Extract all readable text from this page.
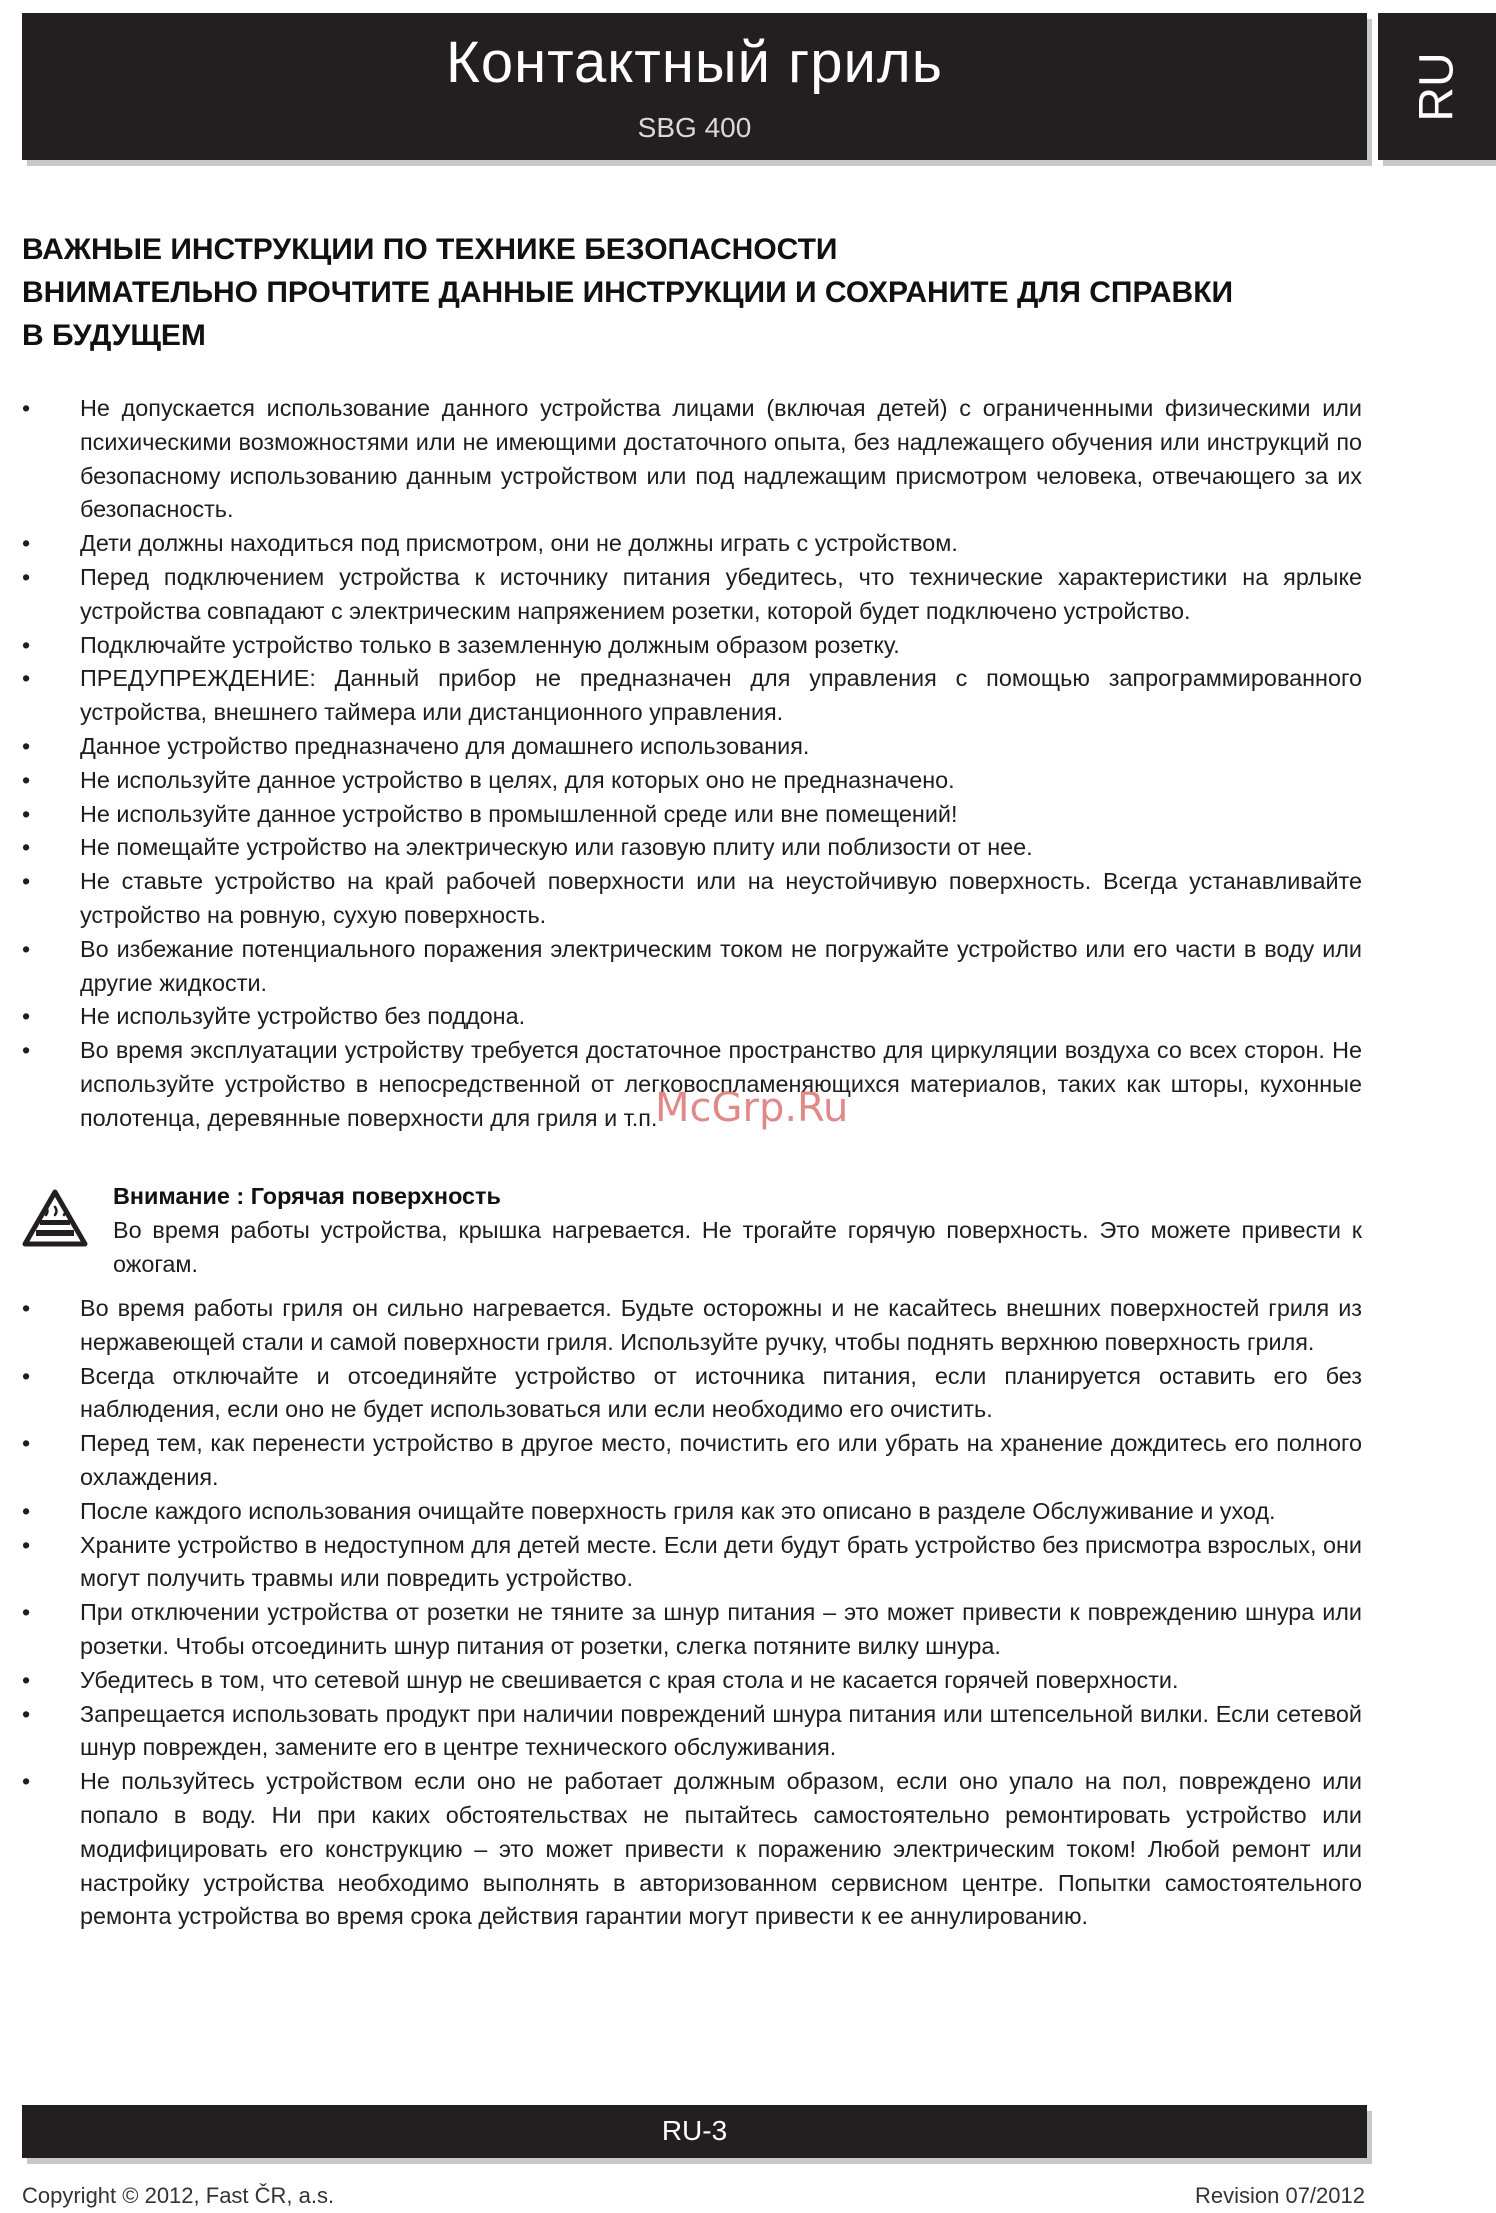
Контактный гриль
SBG 400
RU
ВАЖНЫЕ ИНСТРУКЦИИ ПО ТЕХНИКЕ БЕЗОПАСНОСТИ
ВНИМАТЕЛЬНО ПРОЧТИТЕ ДАННЫЕ ИНСТРУКЦИИ И СОХРАНИТЕ ДЛЯ СПРАВКИ
В БУДУЩЕМ
• Не допускается использование данного устройства лицами (включая детей) с ограниченными физическими или психическими возможностями или не имеющими достаточного опыта, без надлежащего обучения или инструкций по безопасному использованию данным устройством или под надлежащим присмотром человека, отвечающего за их безопасность.
• Дети должны находиться под присмотром, они не должны играть с устройством.
• Перед подключением устройства к источнику питания убедитесь, что технические характеристики на ярлыке устройства совпадают с электрическим напряжением розетки, которой будет подключено устройство.
• Подключайте устройство только в заземленную должным образом розетку.
• ПРЕДУПРЕЖДЕНИЕ: Данный прибор не предназначен для управления с помощью запрограммированного устройства, внешнего таймера или дистанционного управления.
• Данное устройство предназначено для домашнего использования.
• Не используйте данное устройство в целях, для которых оно не предназначено.
• Не используйте данное устройство в промышленной среде или вне помещений!
• Не помещайте устройство на электрическую или газовую плиту или поблизости от нее.
• Не ставьте устройство на край рабочей поверхности или на неустойчивую поверхность. Всегда устанавливайте устройство на ровную, сухую поверхность.
• Во избежание потенциального поражения электрическим током не погружайте устройство или его части в воду или другие жидкости.
• Не используйте устройство без поддона.
• Во время эксплуатации устройству требуется достаточное пространство для циркуляции воздуха со всех сторон. Не используйте устройство в непосредственной от легковоспламеняющихся материалов, таких как шторы, кухонные полотенца, деревянные поверхности для гриля и т.п.
McGrp.Ru
Внимание : Горячая поверхность
Во время работы устройства, крышка нагревается. Не трогайте горячую поверхность. Это можете привести к ожогам.
• Во время работы гриля он сильно нагревается. Будьте осторожны и не касайтесь внешних поверхностей гриля из нержавеющей стали и самой поверхности гриля. Используйте ручку, чтобы поднять верхнюю поверхность гриля.
• Всегда отключайте и отсоединяйте устройство от источника питания, если планируется оставить его без наблюдения, если оно не будет использоваться или если необходимо его очистить.
• Перед тем, как перенести устройство в другое место, почистить его или убрать на хранение дождитесь его полного охлаждения.
• После каждого использования очищайте поверхность гриля как это описано в разделе Обслуживание и уход.
• Храните устройство в недоступном для детей месте. Если дети будут брать устройство без присмотра взрослых, они могут получить травмы или повредить устройство.
• При отключении устройства от розетки не тяните за шнур питания – это может привести к повреждению шнура или розетки. Чтобы отсоединить шнур питания от розетки, слегка потяните вилку шнура.
• Убедитесь в том, что сетевой шнур не свешивается с края стола и не касается горячей поверхности.
• Запрещается использовать продукт при наличии повреждений шнура питания или штепсельной вилки. Если сетевой шнур поврежден, замените его в центре технического обслуживания.
• Не пользуйтесь устройством если оно не работает должным образом, если оно упало на пол, повреждено или попало в воду. Ни при каких обстоятельствах не пытайтесь самостоятельно ремонтировать устройство или модифицировать его конструкцию – это может привести к поражению электрическим током! Любой ремонт или настройку устройства необходимо выполнять в авторизованном сервисном центре. Попытки самостоятельного ремонта устройства во время срока действия гарантии могут привести к ее аннулированию.
RU-3
Copyright © 2012, Fast ČR, a.s.	Revision 07/2012
